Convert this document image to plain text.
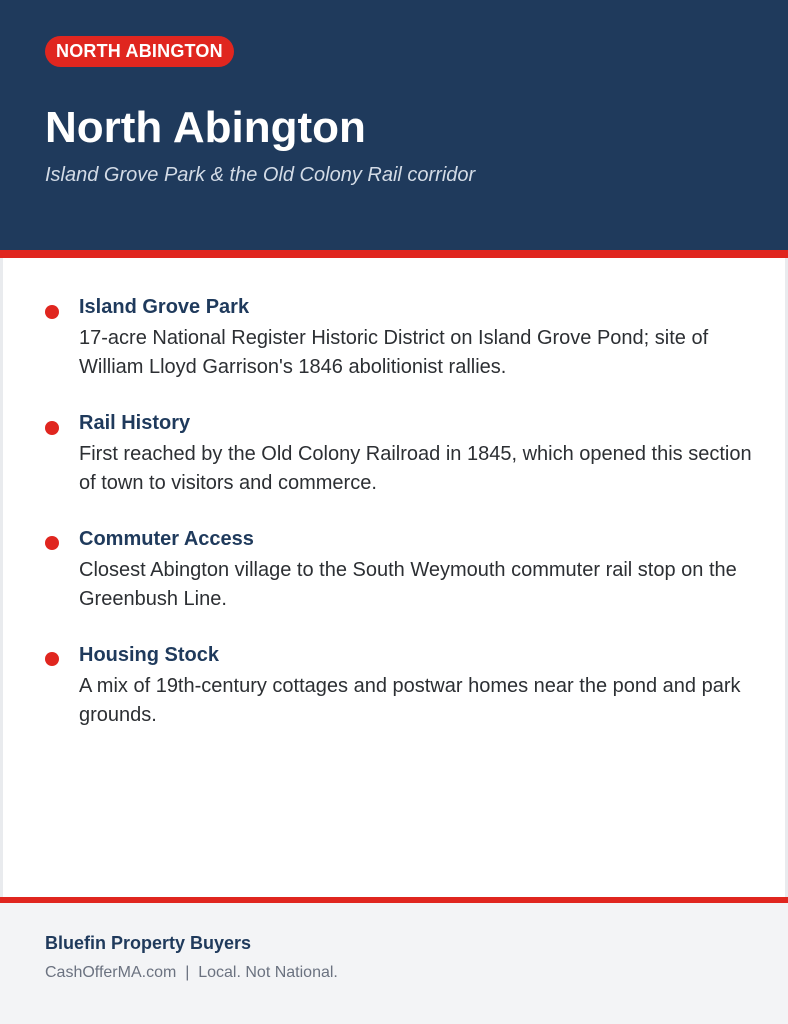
NORTH ABINGTON
North Abington

Island Grove Park & the Old Colony Rail corridor

Island Grove Park

17-acre National Register Historic District on Island Grove Pond; site of William Lloyd Garrison's 1846 abolitionist rallies.

Rail History

First reached by the Old Colony Railroad in 1845, which opened this section of town to visitors and commerce.

Commuter Access

Closest Abington village to the South Weymouth commuter rail stop on the Greenbush Line.

Housing Stock

A mix of 19th-century cottages and postwar homes near the pond and park grounds.

Bluefin Property Buyers

CashOfferMA.com | Local. Not National.
